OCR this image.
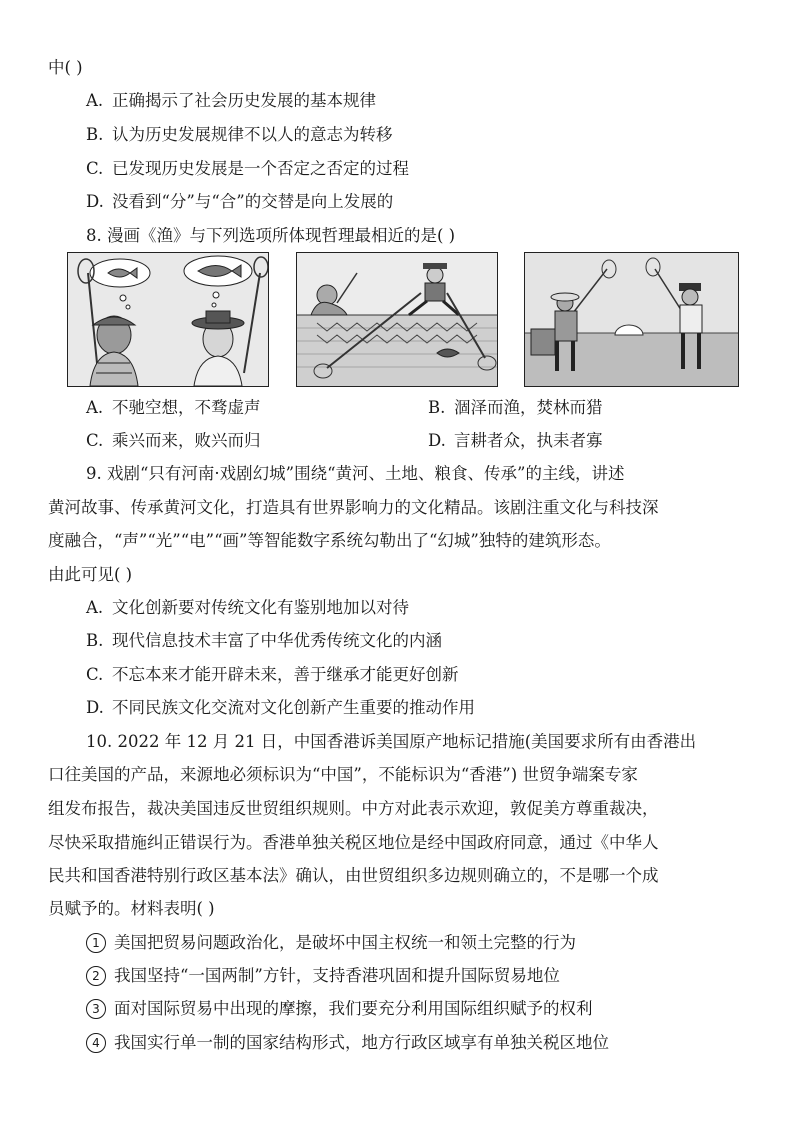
中( )
A. 正确揭示了社会历史发展的基本规律
B. 认为历史发展规律不以人的意志为转移
C. 已发现历史发展是一个否定之否定的过程
D. 没看到“分”与“合”的交替是向上发展的
8. 漫画《渔》与下列选项所体现哲理最相近的是( )
A. 不驰空想，不骛虚声	B. 涸泽而渔，焚林而猎
C. 乘兴而来，败兴而归	D. 言耕者众，执耒者寡
9. 戏剧“只有河南·戏剧幻城”围绕“黄河、土地、粮食、传承”的主线，讲述
黄河故事、传承黄河文化，打造具有世界影响力的文化精品。该剧注重文化与科技深
度融合，“声”“光”“电”“画”等智能数字系统勾勒出了“幻城”独特的建筑形态。
由此可见( )
A. 文化创新要对传统文化有鉴别地加以对待
B. 现代信息技术丰富了中华优秀传统文化的内涵
C. 不忘本来才能开辟未来，善于继承才能更好创新
D. 不同民族文化交流对文化创新产生重要的推动作用
10. 2022 年 12 月 21 日，中国香港诉美国原产地标记措施(美国要求所有由香港出
口往美国的产品，来源地必须标识为“中国”，不能标识为“香港”) 世贸争端案专家
组发布报告，裁决美国违反世贸组织规则。中方对此表示欢迎，敦促美方尊重裁决，
尽快采取措施纠正错误行为。香港单独关税区地位是经中国政府同意，通过《中华人
民共和国香港特别行政区基本法》确认，由世贸组织多边规则确立的，不是哪一个成
员赋予的。材料表明( )
1 美国把贸易问题政治化，是破坏中国主权统一和领土完整的行为
2 我国坚持“一国两制”方针，支持香港巩固和提升国际贸易地位
3 面对国际贸易中出现的摩擦，我们要充分利用国际组织赋予的权利
4 我国实行单一制的国家结构形式，地方行政区域享有单独关税区地位
